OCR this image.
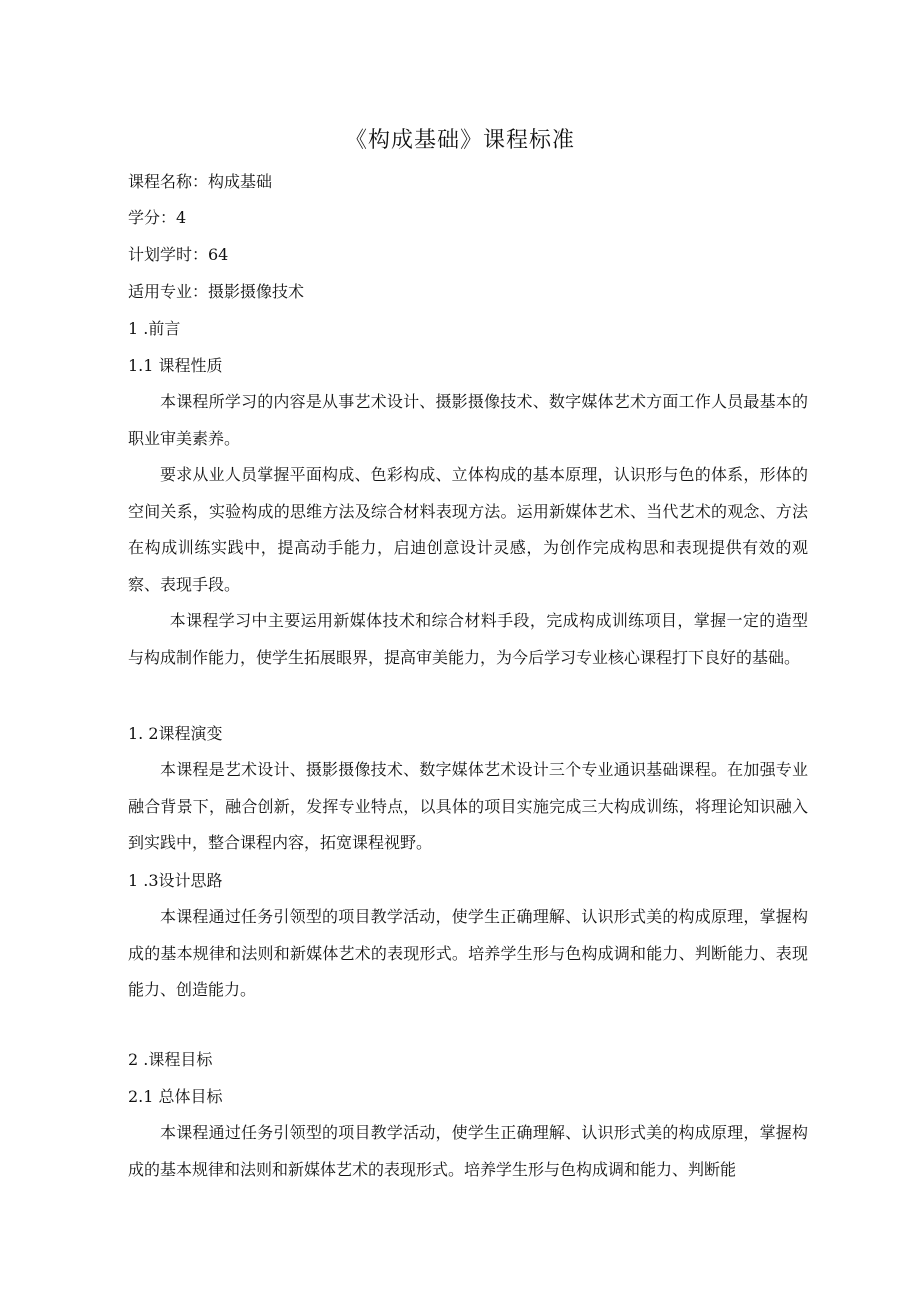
《构成基础》课程标准
课程名称：构成基础
学分：4
计划学时：64
适用专业：摄影摄像技术
1 .前言
1.1 课程性质

本课程所学习的内容是从事艺术设计、摄影摄像技术、数字媒体艺术方面工作人员最基本的职业审美素养。

要求从业人员掌握平面构成、色彩构成、立体构成的基本原理，认识形与色的体系，形体的空间关系，实验构成的思维方法及综合材料表现方法。运用新媒体艺术、当代艺术的观念、方法在构成训练实践中，提高动手能力，启迪创意设计灵感，为创作完成构思和表现提供有效的观察、表现手段。

本课程学习中主要运用新媒体技术和综合材料手段，完成构成训练项目，掌握一定的造型与构成制作能力，使学生拓展眼界，提高审美能力，为今后学习专业核心课程打下良好的基础。

1. 2课程演变

本课程是艺术设计、摄影摄像技术、数字媒体艺术设计三个专业通识基础课程。在加强专业融合背景下，融合创新，发挥专业特点，以具体的项目实施完成三大构成训练，将理论知识融入到实践中，整合课程内容，拓宽课程视野。

1 .3设计思路

本课程通过任务引领型的项目教学活动，使学生正确理解、认识形式美的构成原理，掌握构成的基本规律和法则和新媒体艺术的表现形式。培养学生形与色构成调和能力、判断能力、表现能力、创造能力。

2 .课程目标
2.1 总体目标

本课程通过任务引领型的项目教学活动，使学生正确理解、认识形式美的构成原理，掌握构成的基本规律和法则和新媒体艺术的表现形式。培养学生形与色构成调和能力、判断能
